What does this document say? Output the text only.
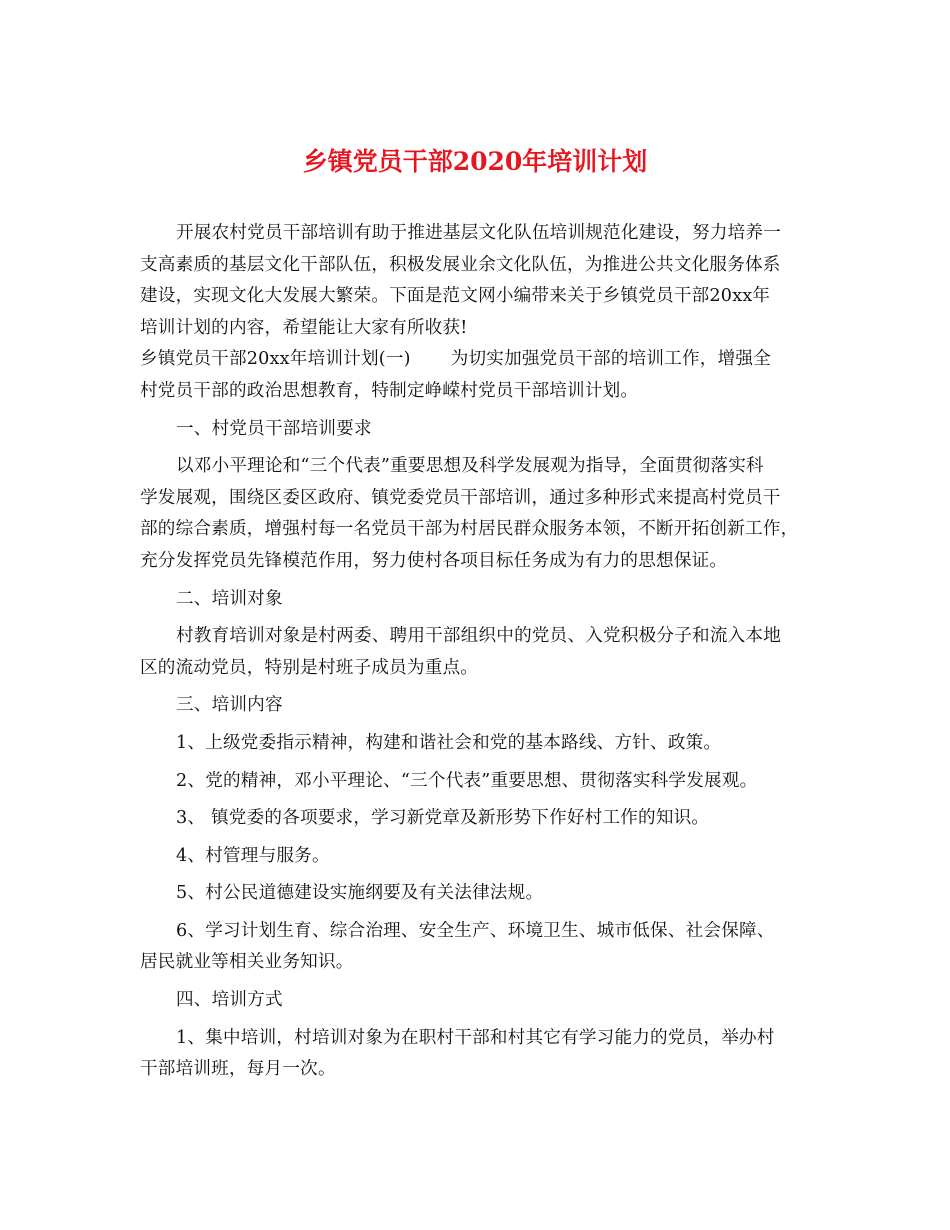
乡镇党员干部2020年培训计划
开展农村党员干部培训有助于推进基层文化队伍培训规范化建设，努力培养一
支高素质的基层文化干部队伍，积极发展业余文化队伍，为推进公共文化服务体系
建设，实现文化大发展大繁荣。下面是范文网小编带来关于乡镇党员干部20xx年
培训计划的内容，希望能让大家有所收获!
乡镇党员干部20xx年培训计划(一) 为切实加强党员干部的培训工作，增强全
村党员干部的政治思想教育，特制定峥嵘村党员干部培训计划。
一、村党员干部培训要求
以邓小平理论和“三个代表”重要思想及科学发展观为指导，全面贯彻落实科
学发展观，围绕区委区政府、镇党委党员干部培训，通过多种形式来提高村党员干
部的综合素质，增强村每一名党员干部为村居民群众服务本领，不断开拓创新工作，
充分发挥党员先锋模范作用，努力使村各项目标任务成为有力的思想保证。
二、培训对象
村教育培训对象是村两委、聘用干部组织中的党员、入党积极分子和流入本地
区的流动党员，特别是村班子成员为重点。
三、培训内容
1、上级党委指示精神，构建和谐社会和党的基本路线、方针、政策。
2、党的精神，邓小平理论、“三个代表”重要思想、贯彻落实科学发展观。
3、 镇党委的各项要求，学习新党章及新形势下作好村工作的知识。
4、村管理与服务。
5、村公民道德建设实施纲要及有关法律法规。
6、学习计划生育、综合治理、安全生产、环境卫生、城市低保、社会保障、
居民就业等相关业务知识。
四、培训方式
1、集中培训，村培训对象为在职村干部和村其它有学习能力的党员，举办村
干部培训班，每月一次。
